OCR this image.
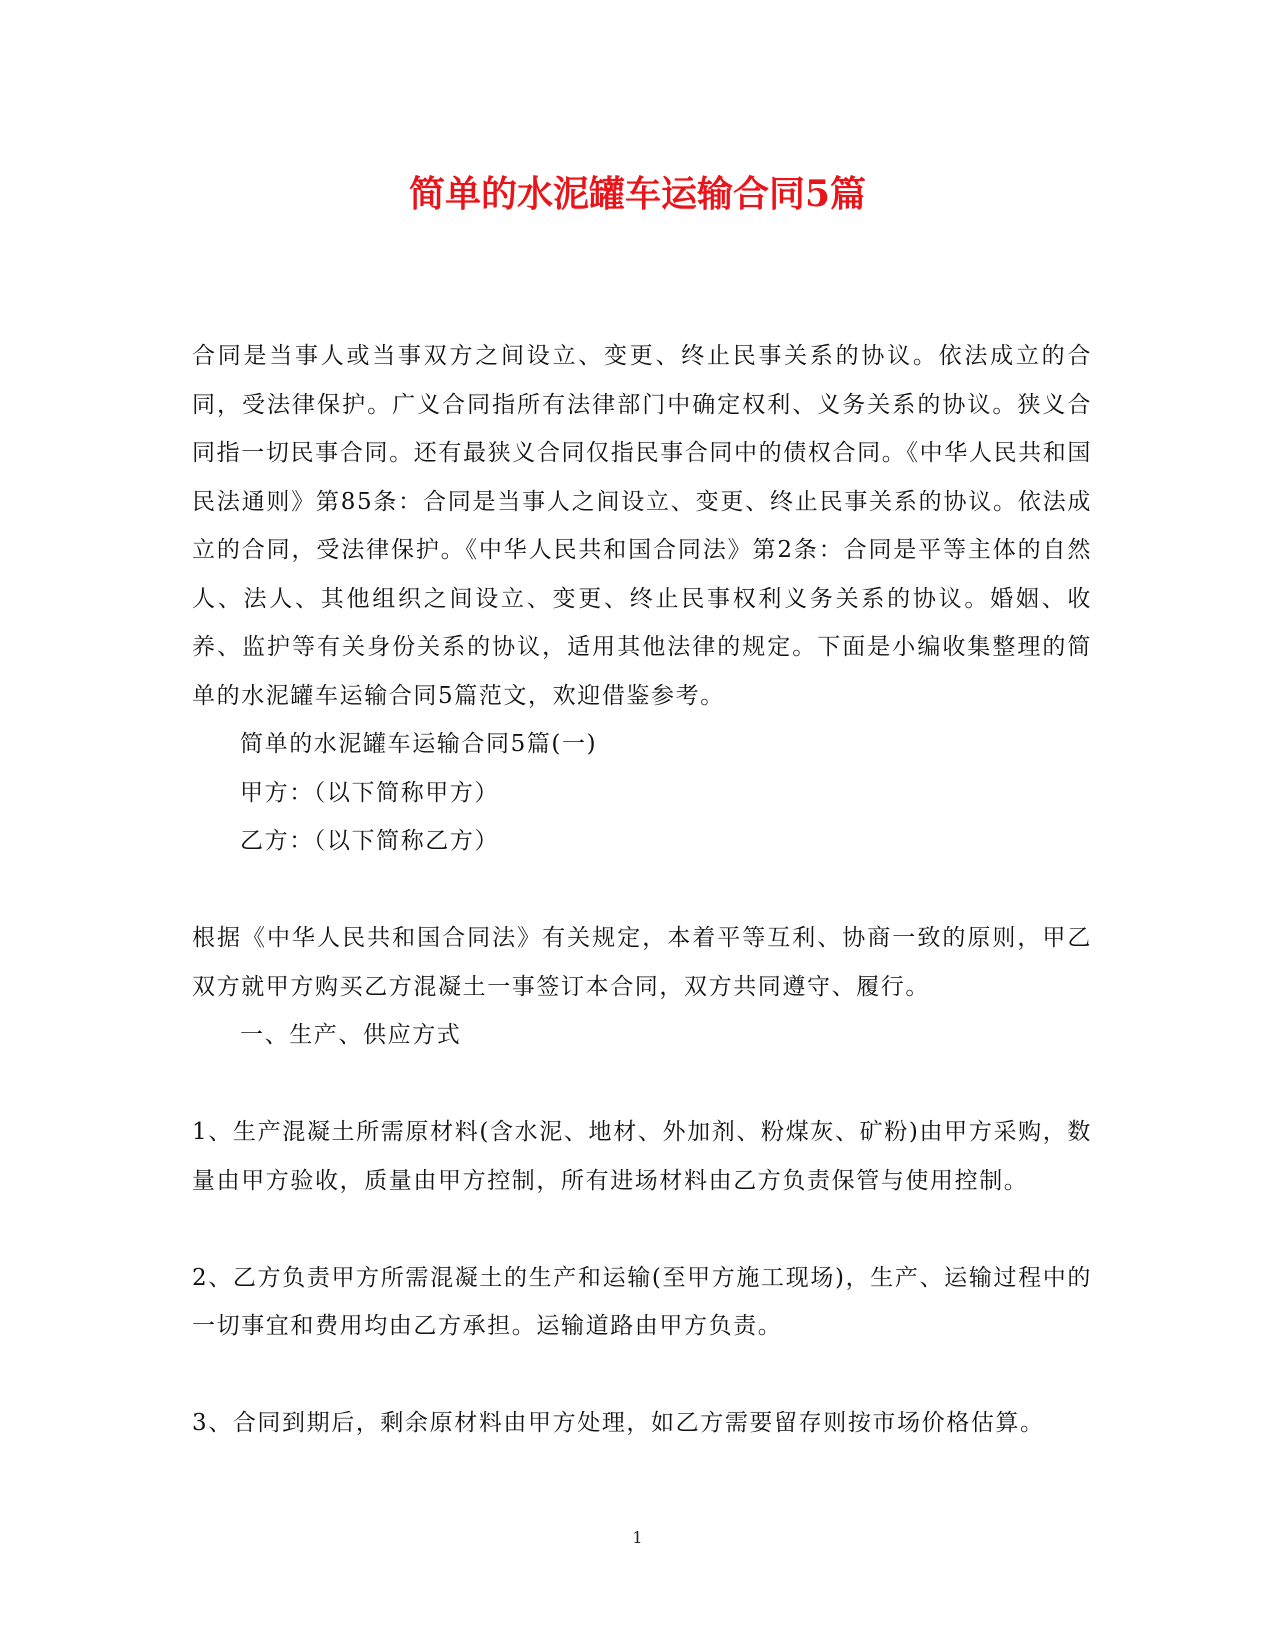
简单的水泥罐车运输合同5篇

合同是当事人或当事双方之间设立、变更、终止民事关系的协议。依法成立的合同，受法律保护。广义合同指所有法律部门中确定权利、义务关系的协议。狭义合同指一切民事合同。还有最狭义合同仅指民事合同中的债权合同。《中华人民共和国民法通则》第85条：合同是当事人之间设立、变更、终止民事关系的协议。依法成立的合同，受法律保护。《中华人民共和国合同法》第2条：合同是平等主体的自然人、法人、其他组织之间设立、变更、终止民事权利义务关系的协议。婚姻、收养、监护等有关身份关系的协议，适用其他法律的规定。下面是小编收集整理的简单的水泥罐车运输合同5篇范文，欢迎借鉴参考。

简单的水泥罐车运输合同5篇(一)

甲方：（以下简称甲方）

乙方：（以下简称乙方）

根据《中华人民共和国合同法》有关规定，本着平等互利、协商一致的原则，甲乙双方就甲方购买乙方混凝土一事签订本合同，双方共同遵守、履行。

一、生产、供应方式

1、生产混凝土所需原材料(含水泥、地材、外加剂、粉煤灰、矿粉)由甲方采购，数量由甲方验收，质量由甲方控制，所有进场材料由乙方负责保管与使用控制。

2、乙方负责甲方所需混凝土的生产和运输(至甲方施工现场)，生产、运输过程中的一切事宜和费用均由乙方承担。运输道路由甲方负责。

3、合同到期后，剩余原材料由甲方处理，如乙方需要留存则按市场价格估算。

1
